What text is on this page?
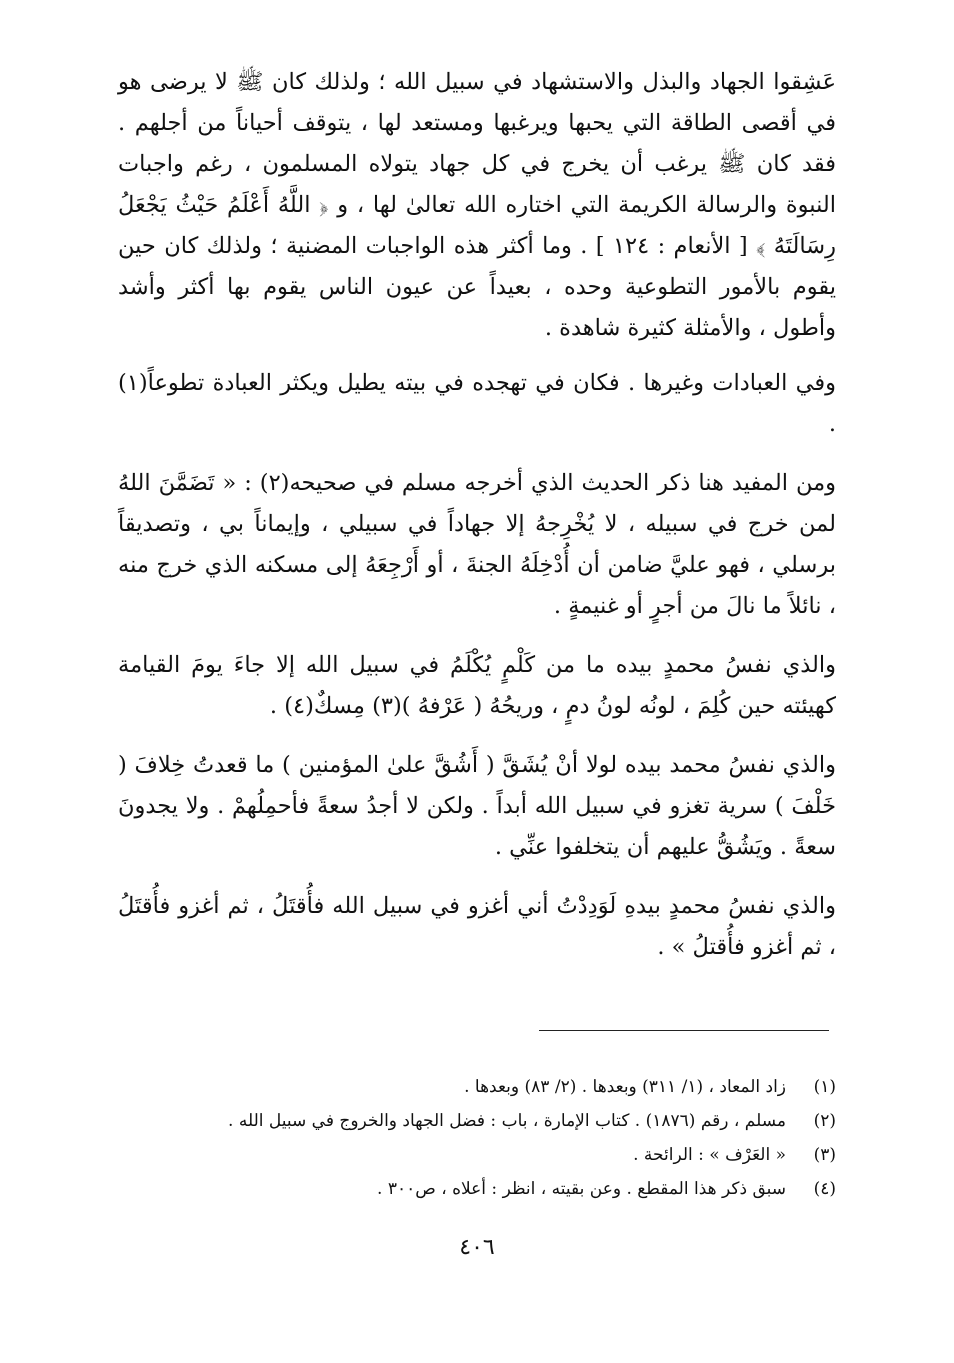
عَشِقوا الجهاد والبذل والاستشهاد في سبيل الله ؛ ولذلك كان ﷺ لا يرضى هو في أقصى الطاقة التي يحبها ويرغبها ومستعد لها ، يتوقف أحياناً من أجلهم . فقد كان ﷺ يرغب أن يخرج في كل جهاد يتولاه المسلمون ، رغم واجبات النبوة والرسالة الكريمة التي اختاره الله تعالىٰ لها ، و ﴿ اللَّهُ أَعْلَمُ حَيْثُ يَجْعَلُ رِسَالَتَهُ ﴾ [ الأنعام : ١٢٤ ] . وما أكثر هذه الواجبات المضنية ؛ ولذلك كان حين يقوم بالأمور التطوعية وحده ، بعيداً عن عيون الناس يقوم بها أكثر وأشد وأطول ، والأمثلة كثيرة شاهدة .

وفي العبادات وغيرها . فكان في تهجده في بيته يطيل ويكثر العبادة تطوعاً(١) .

ومن المفيد هنا ذكر الحديث الذي أخرجه مسلم في صحيحه(٢) : « تَضَمَّنَ اللهُ لمن خرج في سبيله ، لا يُخْرِجهُ إلا جهاداً في سبيلي ، وإيماناً بي ، وتصديقاً برسلي ، فهو عليَّ ضامن أن أُدْخِلَهُ الجنةَ ، أو أَرْجِعَهُ إلى مسكنه الذي خرج منه ، نائلاً ما نالَ من أجرٍ أو غنيمةٍ .

والذي نفسُ محمدٍ بيده ما من كَلْمٍ يُكْلَمُ في سبيل الله إلا جاءَ يومَ القيامة كهيئته حين كُلِمَ ، لونُه لونُ دمٍ ، وريحُهُ ( عَرْفهُ )(٣) مِسكٌ(٤) .

والذي نفسُ محمد بيده لولا أنْ يُشَقَّ ( أَشُقَّ علىٰ المؤمنين ) ما قعدتُ خِلافَ ( خَلْفَ ) سرية تغزو في سبيل الله أبداً . ولكن لا أجدُ سعةً فأحمِلُهمْ . ولا يجدونَ سعةً . ويَشُقُّ عليهم أن يتخلفوا عنِّي .

والذي نفسُ محمدٍ بيدهِ لَوَدِدْتُ أني أغزو في سبيل الله فأُقتَلُ ، ثم أغزو فأُقتَلُ ، ثم أغزو فأُقتلُ » .

(١)
زاد المعاد ، (١/ ٣١١) وبعدها . (٢/ ٨٣) وبعدها .
(٢)
مسلم ، رقم (١٨٧٦) . كتاب الإمارة ، باب : فضل الجهاد والخروج في سبيل الله .
(٣)
« العَرْف » : الرائحة .
(٤)
سبق ذكر هذا المقطع . وعن بقيته ، انظر : أعلاه ، ص٣٠٠ .
٤٠٦
